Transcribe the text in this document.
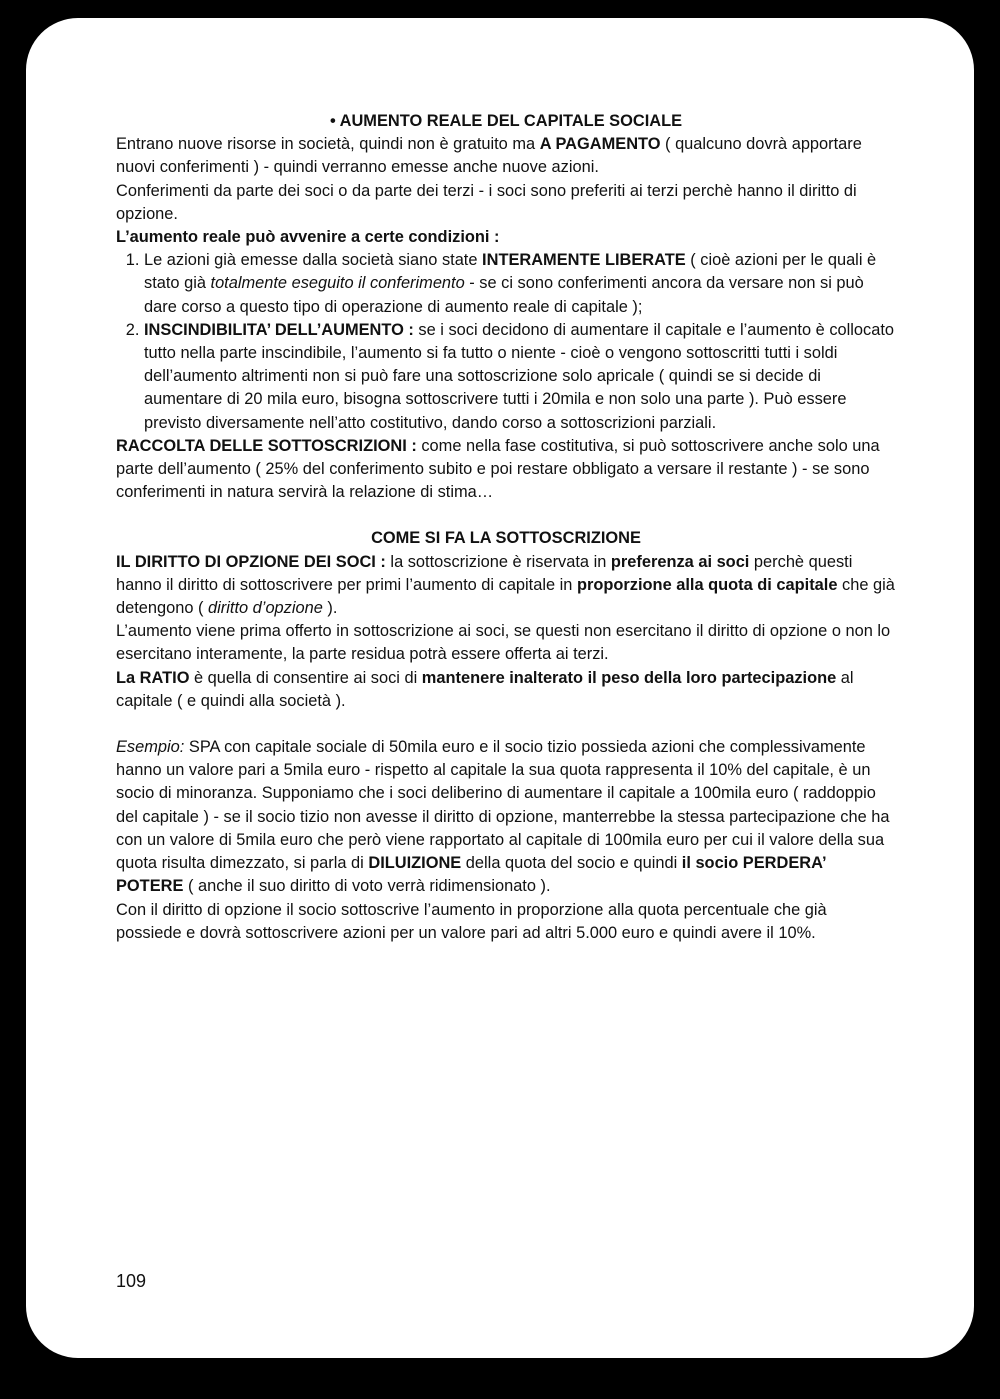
• AUMENTO REALE DEL CAPITALE SOCIALE

Entrano nuove risorse in società, quindi non è gratuito ma A PAGAMENTO ( qualcuno dovrà apportare nuovi conferimenti ) - quindi verranno emesse anche nuove azioni.

Conferimenti da parte dei soci o da parte dei terzi - i soci sono preferiti ai terzi perchè hanno il diritto di opzione.

L’aumento reale può avvenire a certe condizioni :

1. Le azioni già emesse dalla società siano state INTERAMENTE LIBERATE ( cioè azioni per le quali è stato già totalmente eseguito il conferimento - se ci sono conferimenti ancora da versare non si può dare corso a questo tipo di operazione di aumento reale di capitale );
2. INSCINDIBILITA’ DELL’AUMENTO : se i soci decidono di aumentare il capitale e l’aumento è collocato tutto nella parte inscindibile, l’aumento si fa tutto o niente - cioè o vengono sottoscritti tutti i soldi dell’aumento altrimenti non si può fare una sottoscrizione solo apricale ( quindi se si decide di aumentare di 20 mila euro, bisogna sottoscrivere tutti i 20mila e non solo una parte ). Può essere previsto diversamente nell’atto costitutivo, dando corso a sottoscrizioni parziali.

RACCOLTA DELLE SOTTOSCRIZIONI : come nella fase costitutiva, si può sottoscrivere anche solo una parte dell’aumento ( 25% del conferimento subito e poi restare obbligato a versare il restante ) - se sono conferimenti in natura servirà la relazione di stima…

COME SI FA LA SOTTOSCRIZIONE

IL DIRITTO DI OPZIONE DEI SOCI : la sottoscrizione è riservata in preferenza ai soci perchè questi hanno il diritto di sottoscrivere per primi l’aumento di capitale in proporzione alla quota di capitale che già detengono ( diritto d’opzione ).

L’aumento viene prima offerto in sottoscrizione ai soci, se questi non esercitano il diritto di opzione o non lo esercitano interamente, la parte residua potrà essere offerta ai terzi.

La RATIO è quella di consentire ai soci di mantenere inalterato il peso della loro partecipazione al capitale ( e quindi alla società ).

Esempio: SPA con capitale sociale di 50mila euro e il socio tizio possieda azioni che complessivamente hanno un valore pari a 5mila euro - rispetto al capitale la sua quota rappresenta il 10% del capitale, è un socio di minoranza. Supponiamo che i soci deliberino di aumentare il capitale a 100mila euro ( raddoppio del capitale ) - se il socio tizio non avesse il diritto di opzione, manterrebbe la stessa partecipazione che ha con un valore di 5mila euro che però viene rapportato al capitale di 100mila euro per cui il valore della sua quota risulta dimezzato, si parla di DILUIZIONE della quota del socio e quindi il socio PERDERA’ POTERE ( anche il suo diritto di voto verrà ridimensionato ).

Con il diritto di opzione il socio sottoscrive l’aumento in proporzione alla quota percentuale che già possiede e dovrà sottoscrivere azioni per un valore pari ad altri 5.000 euro e quindi avere il 10%.

109
